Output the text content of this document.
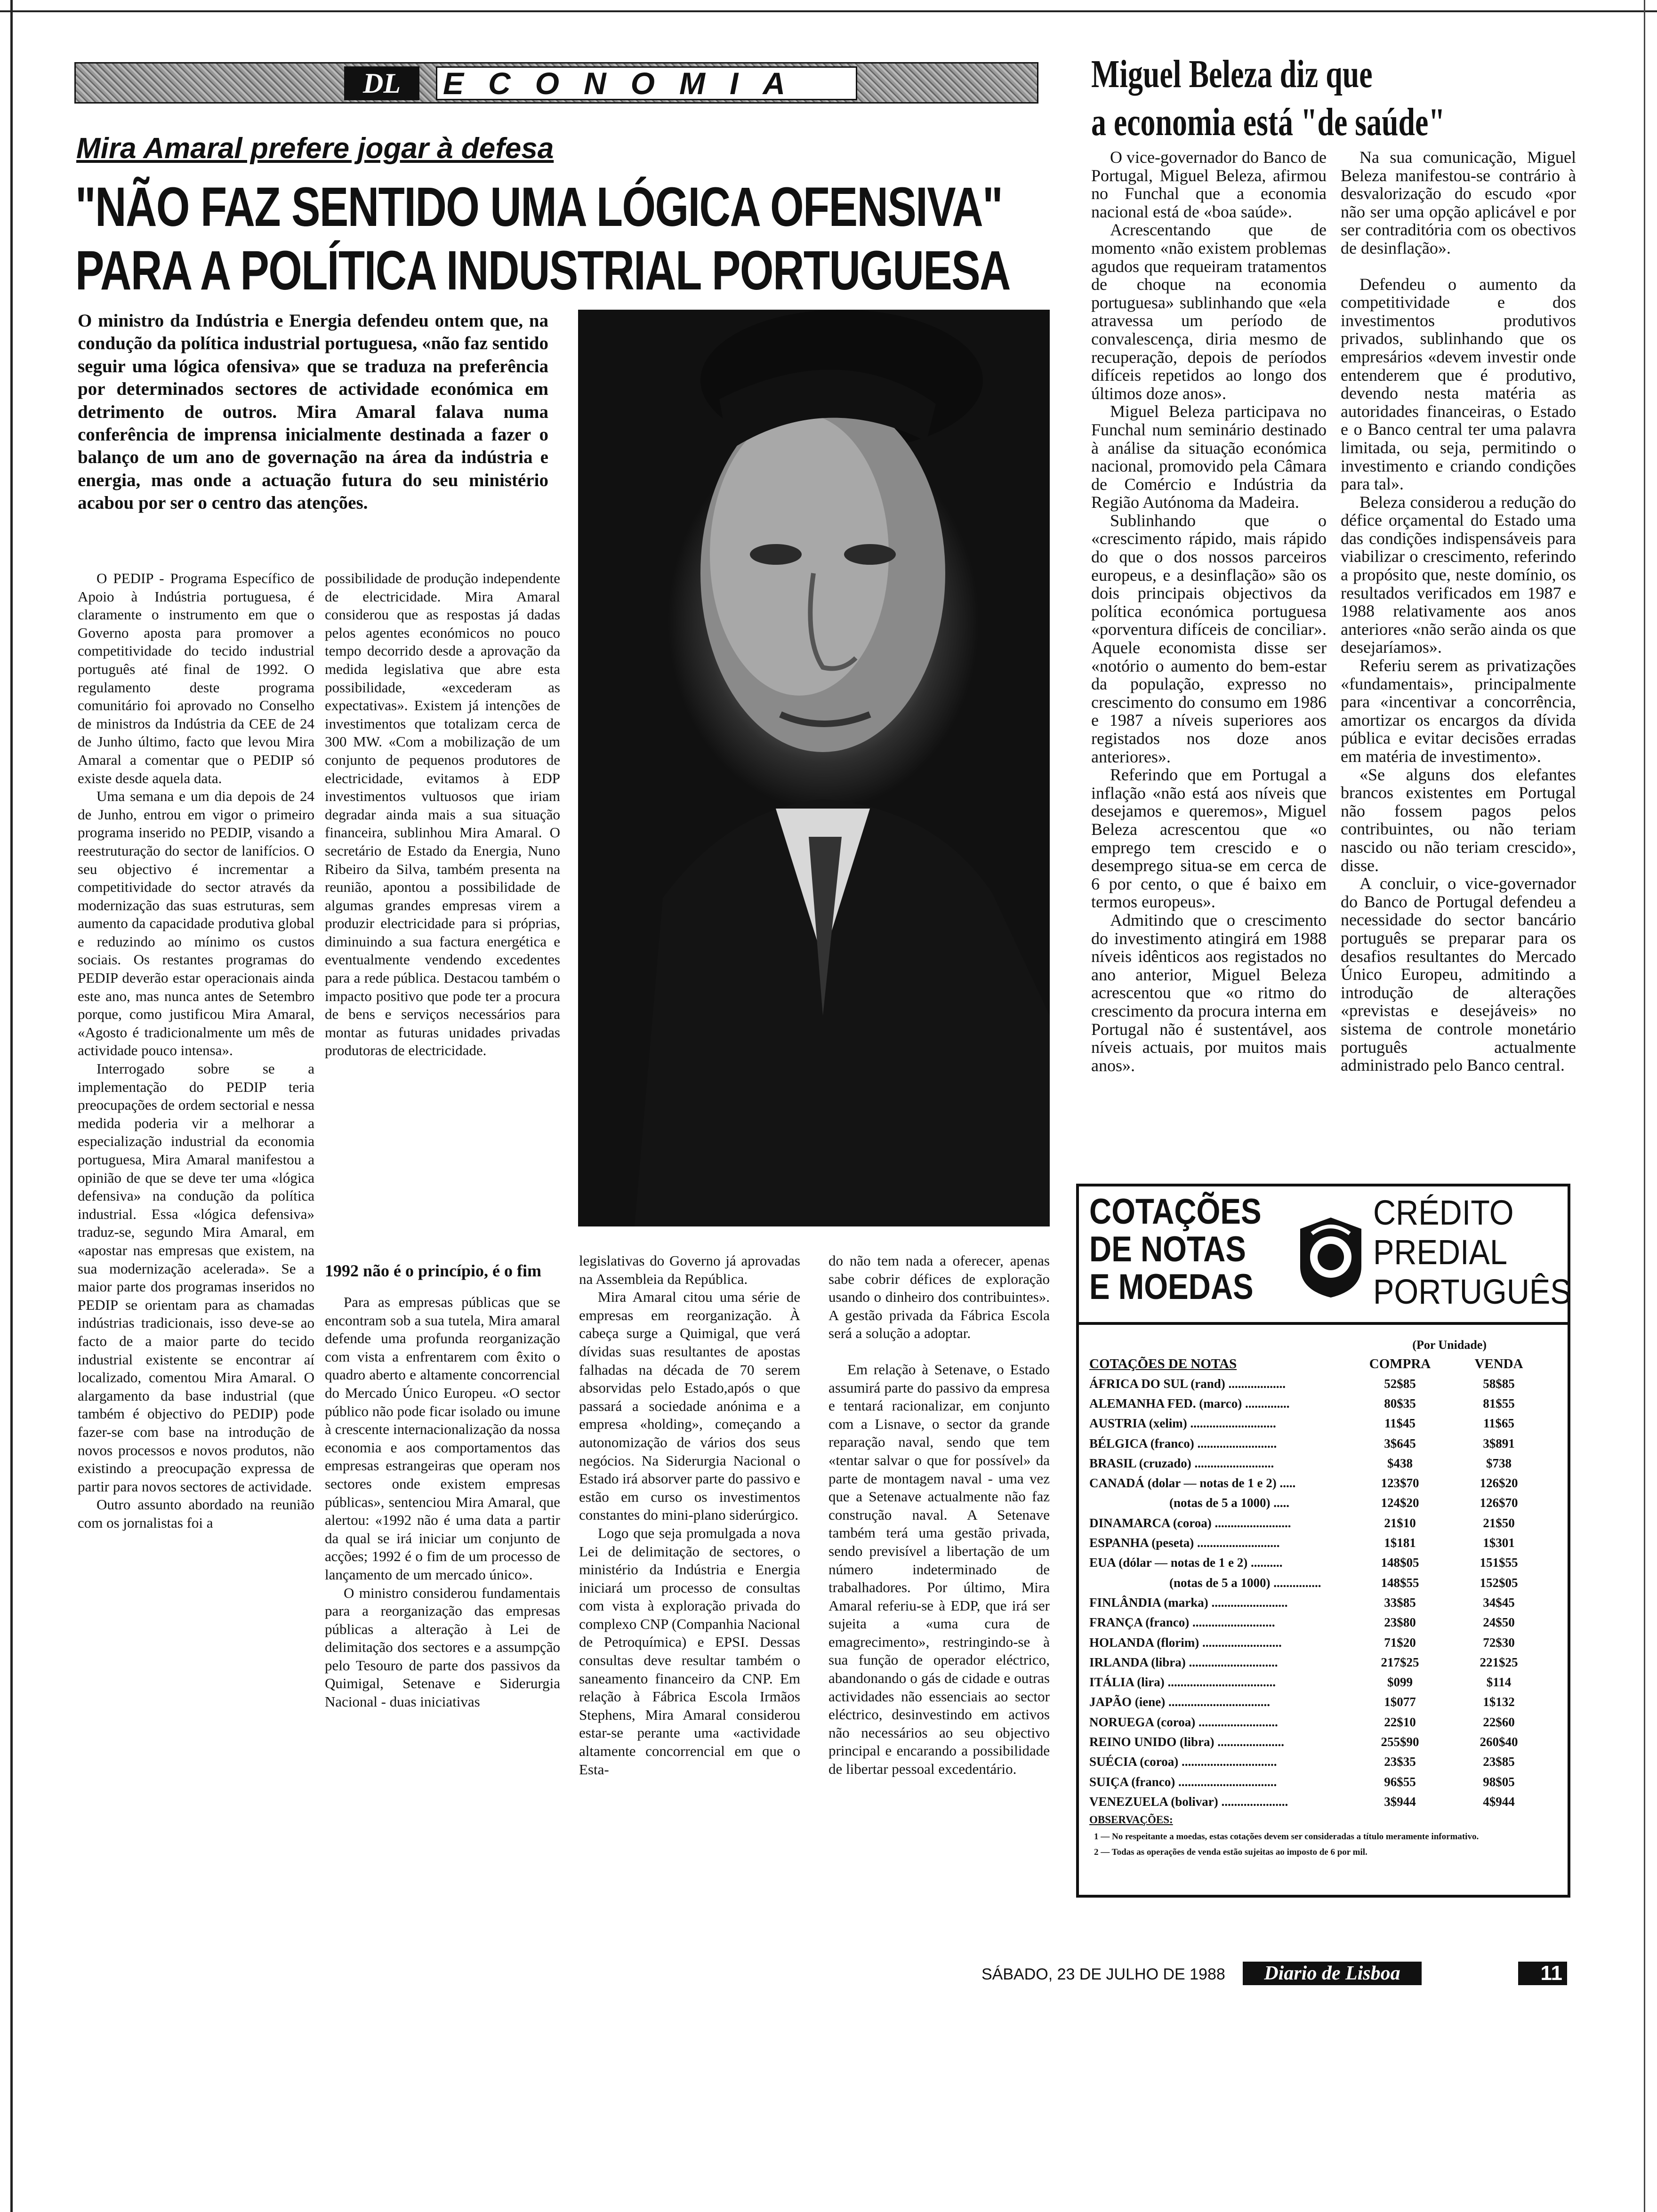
DL	ECONOMIA
Mira Amaral prefere jogar à defesa
"NÃO FAZ SENTIDO UMA LÓGICA OFENSIVA"
PARA A POLÍTICA INDUSTRIAL PORTUGUESA
O ministro da Indústria e Energia defendeu ontem que, na condução da política industrial portuguesa, «não faz sentido seguir uma lógica ofensiva» que se traduza na preferência por determinados sectores de actividade económica em detrimento de outros. Mira Amaral falava numa conferência de imprensa inicialmente destinada a fazer o balanço de um ano de governação na área da indústria e energia, mas onde a actuação futura do seu ministério acabou por ser o centro das atenções.

O PEDIP - Programa Específico de Apoio à Indústria portuguesa, é claramente o instrumento em que o Governo aposta para promover a competitividade do tecido industrial português até final de 1992. O regulamento deste programa comunitário foi aprovado no Conselho de ministros da Indústria da CEE de 24 de Junho último, facto que levou Mira Amaral a comentar que o PEDIP só existe desde aquela data.

Uma semana e um dia depois de 24 de Junho, entrou em vigor o primeiro programa inserido no PEDIP, visando a reestruturação do sector de lanifícios. O seu objectivo é incrementar a competitividade do sector através da modernização das suas estruturas, sem aumento da capacidade produtiva global e reduzindo ao mínimo os custos sociais. Os restantes programas do PEDIP deverão estar operacionais ainda este ano, mas nunca antes de Setembro porque, como justificou Mira Amaral, «Agosto é tradicionalmente um mês de actividade pouco intensa».

Interrogado sobre se a implementação do PEDIP teria preocupações de ordem sectorial e nessa medida poderia vir a melhorar a especialização industrial da economia portuguesa, Mira Amaral manifestou a opinião de que se deve ter uma «lógica defensiva» na condução da política industrial. Essa «lógica defensiva» traduz-se, segundo Mira Amaral, em «apostar nas empresas que existem, na sua modernização acelerada». Se a maior parte dos programas inseridos no PEDIP se orientam para as chamadas indústrias tradicionais, isso deve-se ao facto de a maior parte do tecido industrial existente se encontrar aí localizado, comentou Mira Amaral. O alargamento da base industrial (que também é objectivo do PEDIP) pode fazer-se com base na introdução de novos processos e novos produtos, não existindo a preocupação expressa de partir para novos sectores de actividade.

Outro assunto abordado na reunião com os jornalistas foi a

possibilidade de produção independente de electricidade. Mira Amaral considerou que as respostas já dadas pelos agentes económicos no pouco tempo decorrido desde a aprovação da medida legislativa que abre esta possibilidade, «excederam as expectativas». Existem já intenções de investimentos que totalizam cerca de 300 MW. «Com a mobilização de um conjunto de pequenos produtores de electricidade, evitamos à EDP investimentos vultuosos que iriam degradar ainda mais a sua situação financeira, sublinhou Mira Amaral. O secretário de Estado da Energia, Nuno Ribeiro da Silva, também presenta na reunião, apontou a possibilidade de algumas grandes empresas virem a produzir electricidade para si próprias, diminuindo a sua factura energética e eventualmente vendendo excedentes para a rede pública. Destacou também o impacto positivo que pode ter a procura de bens e serviços necessários para montar as futuras unidades privadas produtoras de electricidade.

1992 não é o princípio, é o fim

Para as empresas públicas que se encontram sob a sua tutela, Mira amaral defende uma profunda reorganização com vista a enfrentarem com êxito o quadro aberto e altamente concorrencial do Mercado Único Europeu. «O sector público não pode ficar isolado ou imune à crescente internacionalização da nossa economia e aos comportamentos das empresas estrangeiras que operam nos sectores onde existem empresas públicas», sentenciou Mira Amaral, que alertou: «1992 não é uma data a partir da qual se irá iniciar um conjunto de acções; 1992 é o fim de um processo de lançamento de um mercado único».

O ministro considerou fundamentais para a reorganização das empresas públicas a alteração à Lei de delimitação dos sectores e a assumpção pelo Tesouro de parte dos passivos da Quimigal, Setenave e Siderurgia Nacional - duas iniciativas

legislativas do Governo já aprovadas na Assembleia da República.

Mira Amaral citou uma série de empresas em reorganização. À cabeça surge a Quimigal, que verá dívidas suas resultantes de apostas falhadas na década de 70 serem absorvidas pelo Estado,após o que passará a sociedade anónima e a empresa «holding», começando a autonomização de vários dos seus negócios. Na Siderurgia Nacional o Estado irá absorver parte do passivo e estão em curso os investimentos constantes do mini-plano siderúrgico.

Logo que seja promulgada a nova Lei de delimitação de sectores, o ministério da Indústria e Energia iniciará um processo de consultas com vista à exploração privada do complexo CNP (Companhia Nacional de Petroquímica) e EPSI. Dessas consultas deve resultar também o saneamento financeiro da CNP. Em relação à Fábrica Escola Irmãos Stephens, Mira Amaral considerou estar-se perante uma «actividade altamente concorrencial em que o Esta-

do não tem nada a oferecer, apenas sabe cobrir défices de exploração usando o dinheiro dos contribuintes». A gestão privada da Fábrica Escola será a solução a adoptar.

Em relação à Setenave, o Estado assumirá parte do passivo da empresa e tentará racionalizar, em conjunto com a Lisnave, o sector da grande reparação naval, sendo que tem «tentar salvar o que for possível» da parte de montagem naval - uma vez que a Setenave actualmente não faz construção naval. A Setenave também terá uma gestão privada, sendo previsível a libertação de um número indeterminado de trabalhadores. Por último, Mira Amaral referiu-se à EDP, que irá ser sujeita a «uma cura de emagrecimento», restringindo-se à sua função de operador eléctrico, abandonando o gás de cidade e outras actividades não essenciais ao sector eléctrico, desinvestindo em activos não necessários ao seu objectivo principal e encarando a possibilidade de libertar pessoal excedentário.

Miguel Beleza diz que
a economia está "de saúde"

O vice-governador do Banco de Portugal, Miguel Beleza, afirmou no Funchal que a economia nacional está de «boa saúde».

Acrescentando que de momento «não existem problemas agudos que requeiram tratamentos de choque na economia portuguesa» sublinhando que «ela atravessa um período de convalescença, diria mesmo de recuperação, depois de períodos difíceis repetidos ao longo dos últimos doze anos».

Miguel Beleza participava no Funchal num seminário destinado à análise da situação económica nacional, promovido pela Câmara de Comércio e Indústria da Região Autónoma da Madeira.

Sublinhando que o «crescimento rápido, mais rápido do que o dos nossos parceiros europeus, e a desinflação» são os dois principais objectivos da política económica portuguesa «porventura difíceis de conciliar». Aquele economista disse ser «notório o aumento do bem-estar da população, expresso no crescimento do consumo em 1986 e 1987 a níveis superiores aos registados nos doze anos anteriores».

Referindo que em Portugal a inflação «não está aos níveis que desejamos e queremos», Miguel Beleza acrescentou que «o emprego tem crescido e o desemprego situa-se em cerca de 6 por cento, o que é baixo em termos europeus».

Admitindo que o crescimento do investimento atingirá em 1988 níveis idênticos aos registados no ano anterior, Miguel Beleza acrescentou que «o ritmo do crescimento da procura interna em Portugal não é sustentável, aos níveis actuais, por muitos mais anos».

Na sua comunicação, Miguel Beleza manifestou-se contrário à desvalorização do escudo «por não ser uma opção aplicável e por ser contraditória com os obectivos de desinflação».

Defendeu o aumento da competitividade e dos investimentos produtivos privados, sublinhando que os empresários «devem investir onde entenderem que é produtivo, devendo nesta matéria as autoridades financeiras, o Estado e o Banco central ter uma palavra limitada, ou seja, permitindo o investimento e criando condições para tal».

Beleza considerou a redução do défice orçamental do Estado uma das condições indispensáveis para viabilizar o crescimento, referindo a propósito que, neste domínio, os resultados verificados em 1987 e 1988 relativamente aos anos anteriores «não serão ainda os que desejaríamos».

Referiu serem as privatizações «fundamentais», principalmente para «incentivar a concorrência, amortizar os encargos da dívida pública e evitar decisões erradas em matéria de investimento».

«Se alguns dos elefantes brancos existentes em Portugal não fossem pagos pelos contribuintes, ou não teriam nascido ou não teriam crescido», disse.

A concluir, o vice-governador do Banco de Portugal defendeu a necessidade do sector bancário português se preparar para os desafios resultantes do Mercado Único Europeu, admitindo a introdução de alterações «previstas e desejáveis» no sistema de controle monetário português actualmente administrado pelo Banco central.

COTAÇÕES
DE NOTAS
E MOEDAS
CRÉDITO
PREDIAL
PORTUGUÊS
(Por Unidade)
COTAÇÕES DE NOTAS	COMPRA	VENDA
ÁFRICA DO SUL (rand) ..................	52$85	58$85
ALEMANHA FED. (marco) ..............	80$35	81$55
AUSTRIA (xelim) ...........................	11$45	11$65
BÉLGICA (franco) .........................	3$645	3$891
BRASIL (cruzado) .........................	$438	$738
CANADÁ (dolar — notas de 1 e 2) .....	123$70	126$20
(notas de 5 a 1000) .....	124$20	126$70
DINAMARCA (coroa) ........................	21$10	21$50
ESPANHA (peseta) ..........................	1$181	1$301
EUA (dólar — notas de 1 e 2) ..........	148$05	151$55
(notas de 5 a 1000) ...............	148$55	152$05
FINLÂNDIA (marka) ........................	33$85	34$45
FRANÇA (franco) ..........................	23$80	24$50
HOLANDA (florim) .........................	71$20	72$30
IRLANDA (libra) ............................	217$25	221$25
ITÁLIA (lira) ..................................	$099	$114
JAPÃO (iene) ................................	1$077	1$132
NORUEGA (coroa) .........................	22$10	22$60
REINO UNIDO (libra) .....................	255$90	260$40
SUÉCIA (coroa) ..............................	23$35	23$85
SUIÇA (franco) ...............................	96$55	98$05
VENEZUELA (bolivar) .....................	3$944	4$944
OBSERVAÇÕES:
1 — No respeitante a moedas, estas cotações devem ser consideradas a título meramente informativo.
2 — Todas as operações de venda estão sujeitas ao imposto de 6 por mil.
SÁBADO, 23 DE JULHO DE 1988	Diario de Lisboa	11
